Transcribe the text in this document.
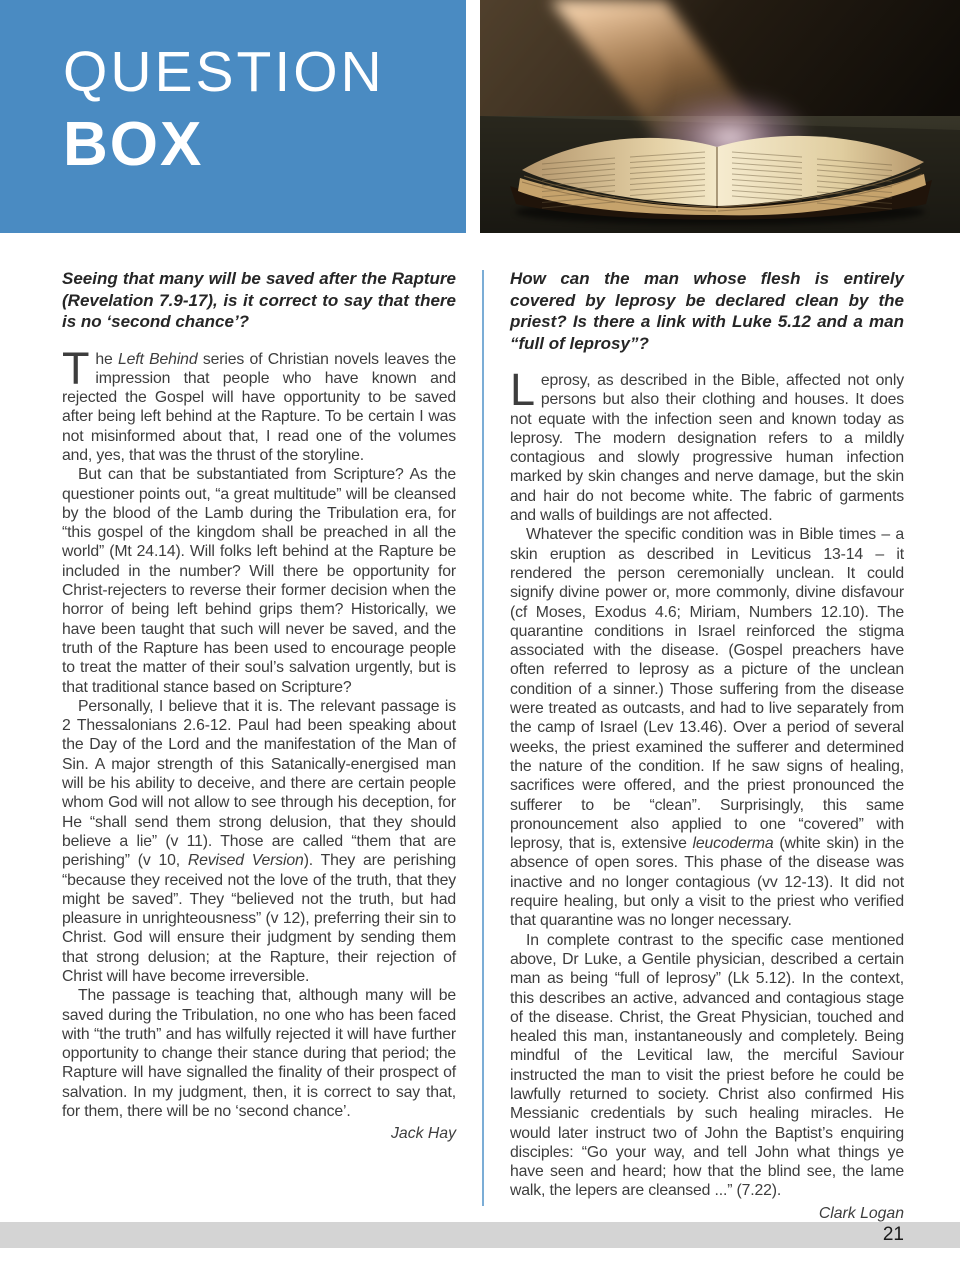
QUESTION
BOX
Seeing that many will be saved after the Rapture (Revelation 7.9-17), is it correct to say that there is no ‘second chance’?

The Left Behind series of Christian novels leaves the impression that people who have known and rejected the Gospel will have opportunity to be saved after being left behind at the Rapture. To be certain I was not misinformed about that, I read one of the volumes and, yes, that was the thrust of the storyline.

But can that be substantiated from Scripture? As the questioner points out, “a great multitude” will be cleansed by the blood of the Lamb during the Tribulation era, for “this gospel of the kingdom shall be preached in all the world” (Mt 24.14). Will folks left behind at the Rapture be included in the number? Will there be opportunity for Christ-rejecters to reverse their former decision when the horror of being left behind grips them? Historically, we have been taught that such will never be saved, and the truth of the Rapture has been used to encourage people to treat the matter of their soul’s salvation urgently, but is that traditional stance based on Scripture?

Personally, I believe that it is. The relevant passage is 2 Thessalonians 2.6-12. Paul had been speaking about the Day of the Lord and the manifestation of the Man of Sin. A major strength of this Satanically-energised man will be his ability to deceive, and there are certain people whom God will not allow to see through his deception, for He “shall send them strong delusion, that they should believe a lie” (v 11). Those are called “them that are perishing” (v 10, Revised Version). They are perishing “because they received not the love of the truth, that they might be saved”. They “believed not the truth, but had pleasure in unrighteousness” (v 12), preferring their sin to Christ. God will ensure their judgment by sending them that strong delusion; at the Rapture, their rejection of Christ will have become irreversible.

The passage is teaching that, although many will be saved during the Tribulation, no one who has been faced with “the truth” and has wilfully rejected it will have further opportunity to change their stance during that period; the Rapture will have signalled the finality of their prospect of salvation. In my judgment, then, it is correct to say that, for them, there will be no ‘second chance’.

Jack Hay
How can the man whose flesh is entirely covered by leprosy be declared clean by the priest? Is there a link with Luke 5.12 and a man “full of leprosy”?

Leprosy, as described in the Bible, affected not only persons but also their clothing and houses. It does not equate with the infection seen and known today as leprosy. The modern designation refers to a mildly contagious and slowly progressive human infection marked by skin changes and nerve damage, but the skin and hair do not become white. The fabric of garments and walls of buildings are not affected.

Whatever the specific condition was in Bible times – a skin eruption as described in Leviticus 13-14 – it rendered the person ceremonially unclean. It could signify divine power or, more commonly, divine disfavour (cf Moses, Exodus 4.6; Miriam, Numbers 12.10). The quarantine conditions in Israel reinforced the stigma associated with the disease. (Gospel preachers have often referred to leprosy as a picture of the unclean condition of a sinner.) Those suffering from the disease were treated as outcasts, and had to live separately from the camp of Israel (Lev 13.46). Over a period of several weeks, the priest examined the sufferer and determined the nature of the condition. If he saw signs of healing, sacrifices were offered, and the priest pronounced the sufferer to be “clean”. Surprisingly, this same pronouncement also applied to one “covered” with leprosy, that is, extensive leucoderma (white skin) in the absence of open sores. This phase of the disease was inactive and no longer contagious (vv 12-13). It did not require healing, but only a visit to the priest who verified that quarantine was no longer necessary.

In complete contrast to the specific case mentioned above, Dr Luke, a Gentile physician, described a certain man as being “full of leprosy” (Lk 5.12). In the context, this describes an active, advanced and contagious stage of the disease. Christ, the Great Physician, touched and healed this man, instantaneously and completely. Being mindful of the Levitical law, the merciful Saviour instructed the man to visit the priest before he could be lawfully returned to society. Christ also confirmed His Messianic credentials by such healing miracles. He would later instruct two of John the Baptist’s enquiring disciples: “Go your way, and tell John what things ye have seen and heard; how that the blind see, the lame walk, the lepers are cleansed ...” (7.22).

Clark Logan
21
